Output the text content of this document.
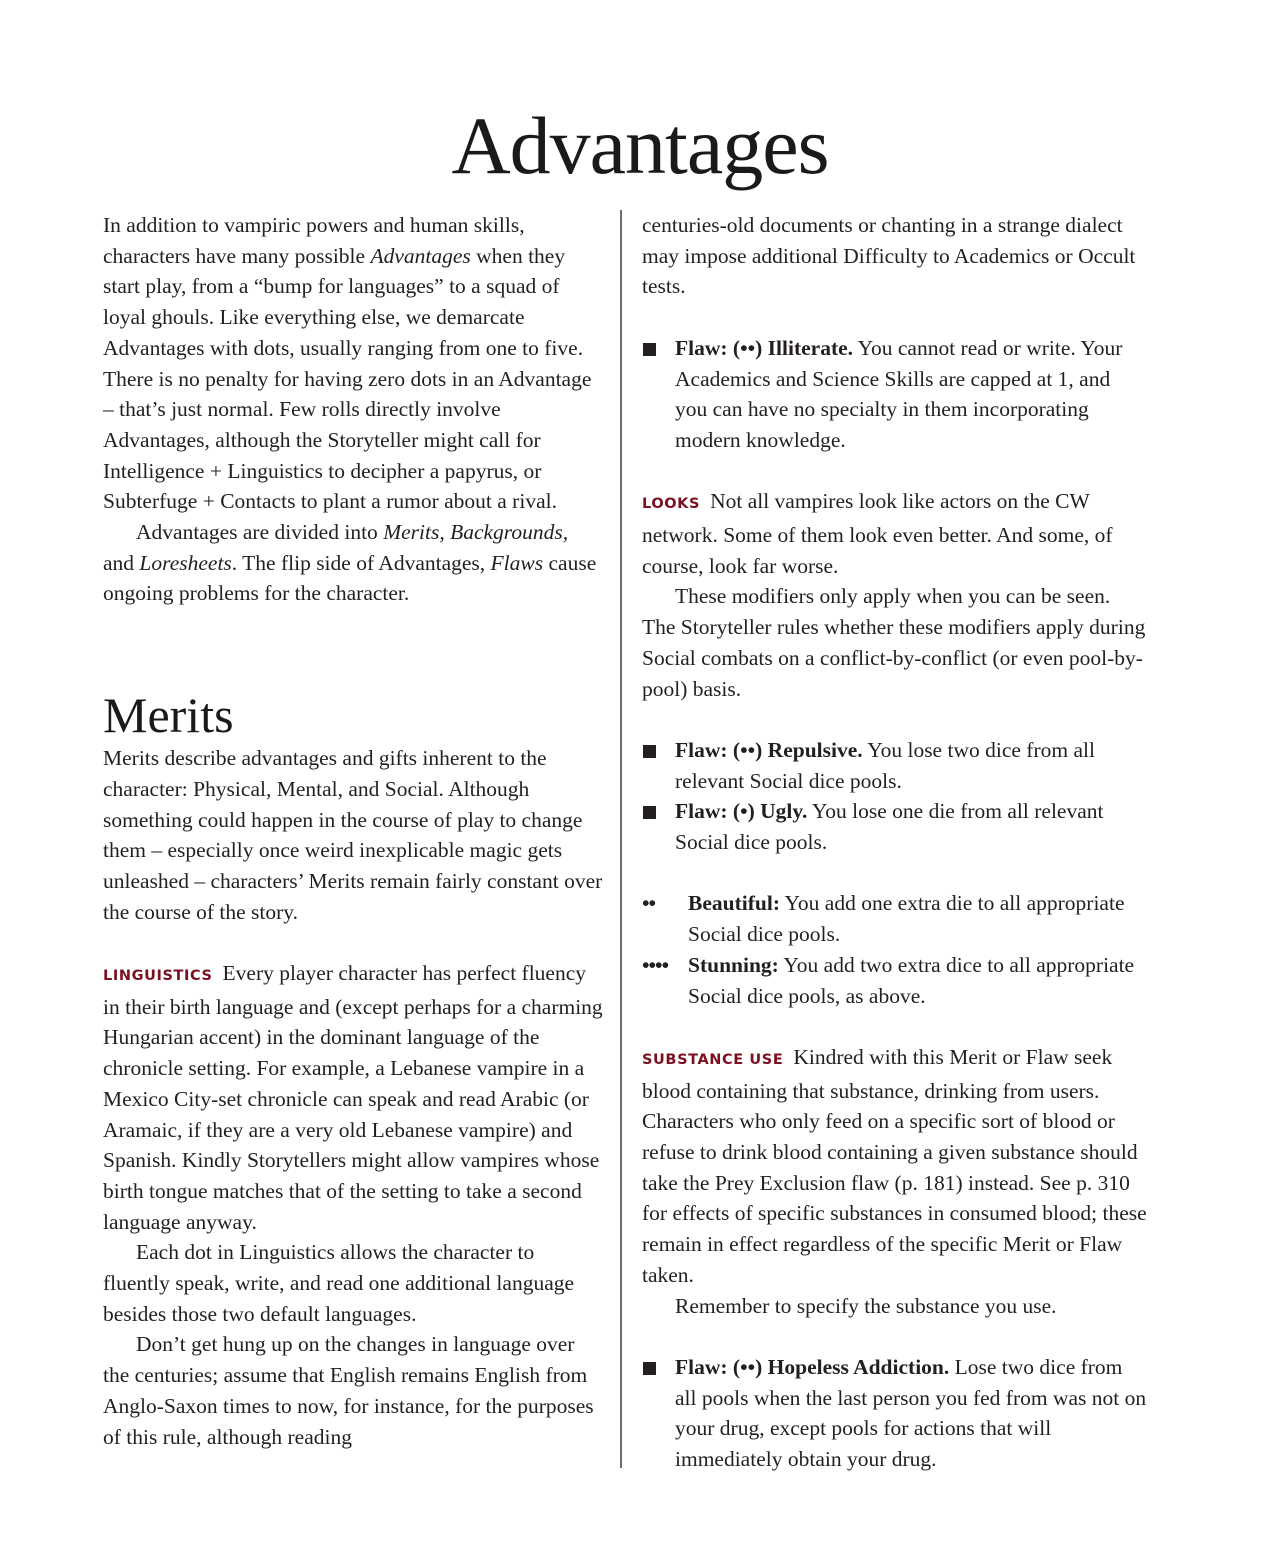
Advantages

In addition to vampiric powers and human skills, characters have many possible Advantages when they start play, from a “bump for languages” to a squad of loyal ghouls. Like everything else, we demarcate Advantages with dots, usually ranging from one to five. There is no penalty for having zero dots in an Advantage – that’s just normal. Few rolls directly involve Advantages, although the Storyteller might call for Intelligence + Linguistics to decipher a papyrus, or Subterfuge + Contacts to plant a rumor about a rival.

Advantages are divided into Merits, Backgrounds, and Loresheets. The flip side of Advantages, Flaws cause ongoing problems for the character.

Merits

Merits describe advantages and gifts inherent to the character: Physical, Mental, and Social. Although something could happen in the course of play to change them – especially once weird inexplicable magic gets unleashed – characters’ Merits remain fairly constant over the course of the story.

LINGUISTICS Every player character has perfect fluency in their birth language and (except perhaps for a charming Hungarian accent) in the dominant language of the chronicle setting. For example, a Lebanese vampire in a Mexico City-set chronicle can speak and read Arabic (or Aramaic, if they are a very old Lebanese vampire) and Spanish. Kindly Storytellers might allow vampires whose birth tongue matches that of the setting to take a second language anyway.

Each dot in Linguistics allows the character to fluently speak, write, and read one additional language besides those two default languages.

Don’t get hung up on the changes in language over the centuries; assume that English remains English from Anglo-Saxon times to now, for instance, for the purposes of this rule, although reading

centuries-old documents or chanting in a strange dialect may impose additional Difficulty to Academics or Occult tests.

Flaw: (••) Illiterate. You cannot read or write. Your Academics and Science Skills are capped at 1, and you can have no specialty in them incorporating modern knowledge.

LOOKS Not all vampires look like actors on the CW network. Some of them look even better. And some, of course, look far worse.

These modifiers only apply when you can be seen. The Storyteller rules whether these modifiers apply during Social combats on a conflict-by-conflict (or even pool-by-pool) basis.

Flaw: (••) Repulsive. You lose two dice from all relevant Social dice pools.
Flaw: (•) Ugly. You lose one die from all relevant Social dice pools.
••	Beautiful: You add one extra die to all appropriate Social dice pools.
•••• Stunning: You add two extra dice to all appropriate Social dice pools, as above.

SUBSTANCE USE Kindred with this Merit or Flaw seek blood containing that substance, drinking from users. Characters who only feed on a specific sort of blood or refuse to drink blood containing a given substance should take the Prey Exclusion flaw (p. 181) instead. See p. 310 for effects of specific substances in consumed blood; these remain in effect regardless of the specific Merit or Flaw taken.

Remember to specify the substance you use.

Flaw: (••) Hopeless Addiction. Lose two dice from all pools when the last person you fed from was not on your drug, except pools for actions that will immediately obtain your drug.
